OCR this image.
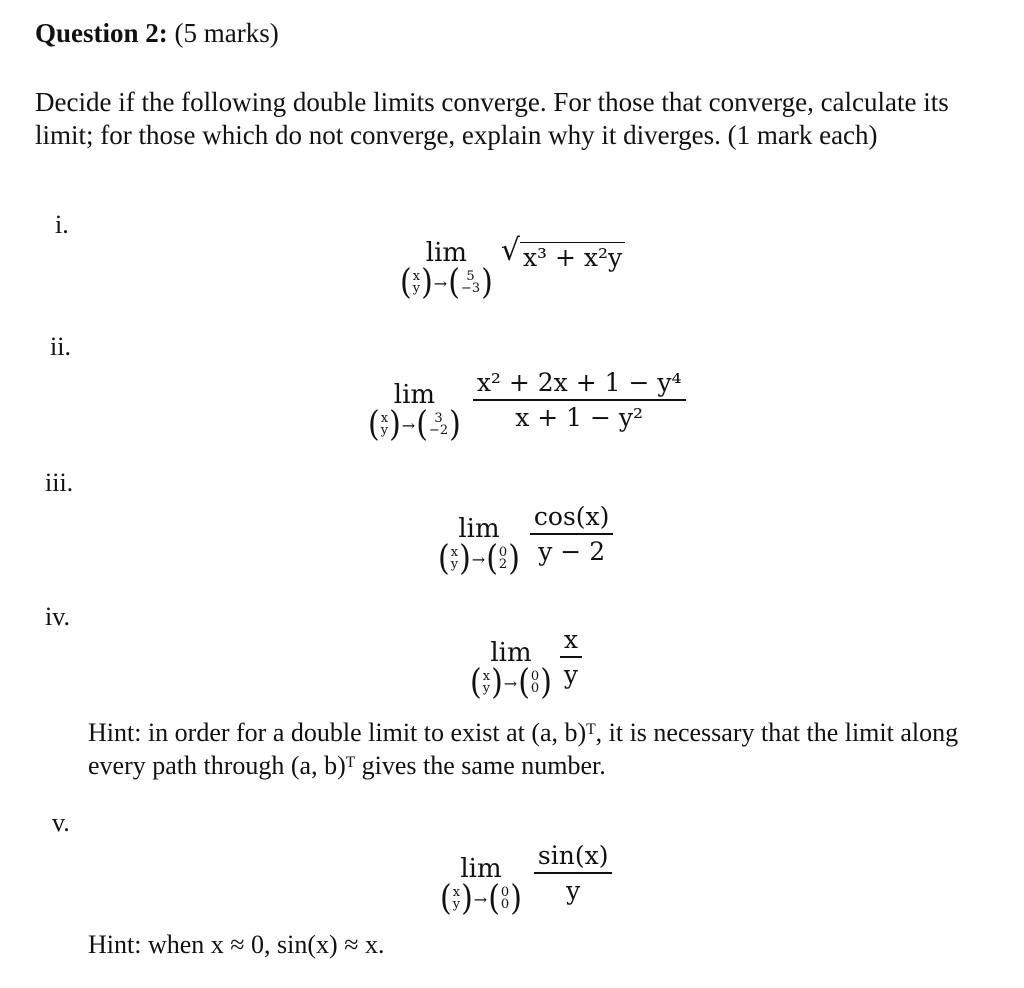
Question 2: (5 marks)
Decide if the following double limits converge. For those that converge, calculate its limit; for those which do not converge, explain why it diverges. (1 mark each)
i.
lim
( x
y ) → ( 5
−3 )
√ x³ + x²y
ii.
lim
( x
y ) → ( 3
−2 ) $\frac{\text{x² + 2x + 1 − y⁴}}{\text{x + 1 − y²}}$
iii.
lim
( x
y ) → ( 0
2 ) $\frac{\cos(x)}{y - 2}$
iv.
lim
( x
y ) → ( 0
0 ) $\frac{x}{y}$
Hint: in order for a double limit to exist at (a, b)ᵀ, it is necessary that the limit along every path through (a, b)ᵀ gives the same number.
v.
lim
( x
y ) → ( 0
0 ) $\frac{\sin(x)}{y}$
Hint: when x ≈ 0, sin(x) ≈ x.
